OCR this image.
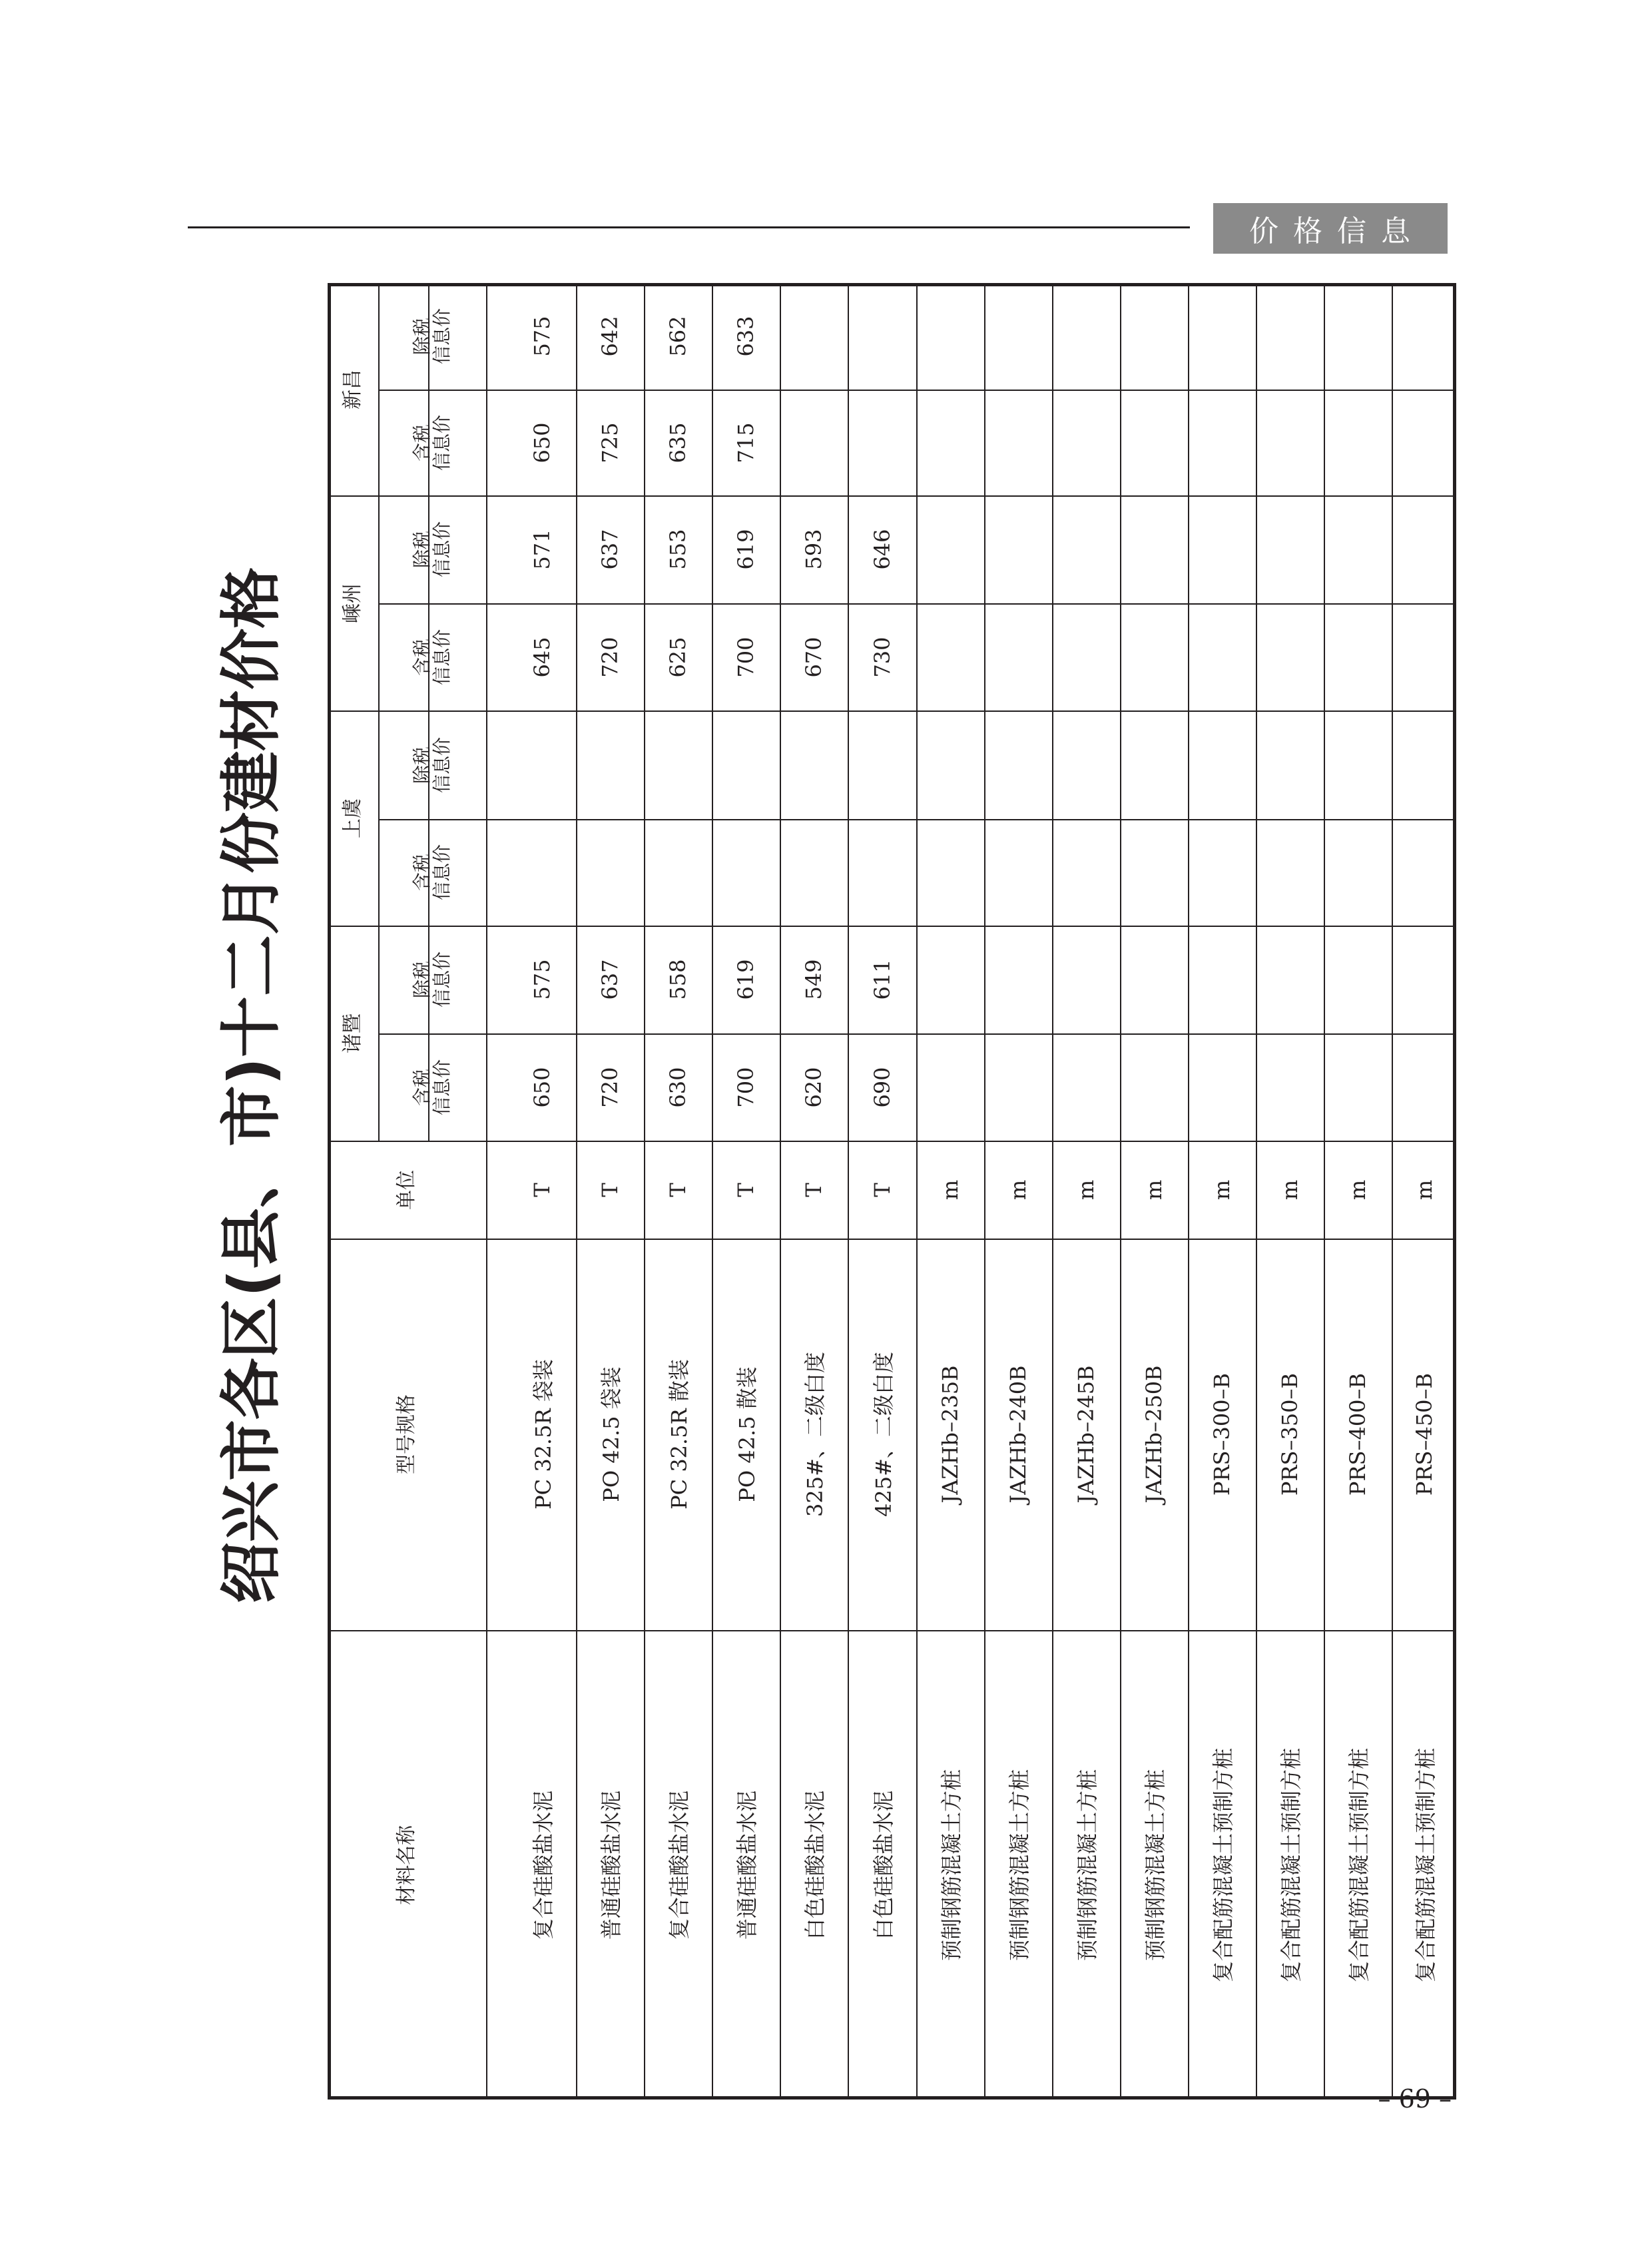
价格信息
绍兴市各区(县、市)十二月份建材价格
材料名称
型号规格
单位
诸暨
含税
信息价
除税
信息价
上虞
含税
信息价
除税
信息价
嵊州
含税
信息价
除税
信息价
新昌
含税
信息价
除税
信息价
复合硅酸盐水泥
PC 32.5R 袋装
T
650
575
645
571
650
575
普通硅酸盐水泥
PO 42.5 袋装
T
720
637
720
637
725
642
复合硅酸盐水泥
PC 32.5R 散装
T
630
558
625
553
635
562
普通硅酸盐水泥
PO 42.5 散装
T
700
619
700
619
715
633
白色硅酸盐水泥
325#、二级白度
T
620
549
670
593
白色硅酸盐水泥
425#、二级白度
T
690
611
730
646
预制钢筋混凝土方桩
JAZHb–235B
m
预制钢筋混凝土方桩
JAZHb–240B
m
预制钢筋混凝土方桩
JAZHb–245B
m
预制钢筋混凝土方桩
JAZHb–250B
m
复合配筋混凝土预制方桩
PRS–300–B
m
复合配筋混凝土预制方桩
PRS–350–B
m
复合配筋混凝土预制方桩
PRS–400–B
m
复合配筋混凝土预制方桩
PRS–450–B
m
– 69 –
